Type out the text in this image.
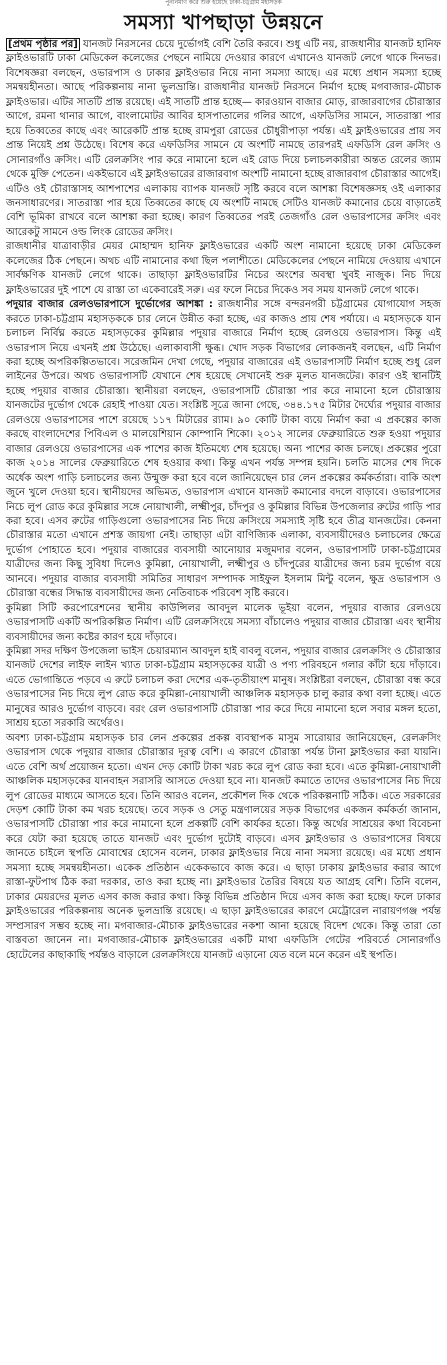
পুনর্নির্মাণ করে শুরু হয়েছে ঢাকা-চট্টগ্রাম মহাসড়ক
সমস্যা খাপছাড়া উন্নয়নে

[প্রথম পৃষ্ঠার পর] যানজট নিরসনের চেয়ে দুর্ভোগই বেশি তৈরি করবে। শুধু এটি নয়, রাজধানীর যানজট হানিফ ফ্লাইওভারটি ঢাকা মেডিকেল কলেজের পেছনে নামিয়ে দেওয়ার কারণে এখানেও যানজট লেগে থাকে দিনভর। বিশেষজ্ঞরা বলছেন, ওভারপাস ও ঢাকার ফ্লাইওভার নিয়ে নানা সমস্যা আছে। এর মধ্যে প্রধান সমস্যা হচ্ছে সমন্বয়হীনতা। আছে পরিকল্পনায় নানা ভুলভ্রান্তি। রাজধানীর যানজট নিরসনে নির্মাণ হচ্ছে মগবাজার-মৌচাক ফ্লাইওভার। এটির সাতটি প্রান্ত রয়েছে। এই সাতটি প্রান্ত হচ্ছে— কারওয়ান বাজার মোড়, রাজারবাগের চৌরাস্তার আগে, রমনা থানার আগে, বাংলামোটর আবির হাসপাতালের গলির আগে, এফডিসির সামনে, সাতরাস্তা পার হয়ে তিব্বতের কাছে এবং আরেকটি প্রান্ত হচ্ছে রামপুরা রোডের চৌধুরীপাড়া পর্যন্ত। এই ফ্লাইওভারের প্রায় সব প্রান্ত নিয়েই প্রশ্ন উঠেছে। বিশেষ করে এফডিসির সামনে যে অংশটি নামছে তারপরই এফডিসি রেল ক্রসিং ও সোনারগাঁও ক্রসিং। এটি রেলক্রসিং পার করে নামানো হলে এই রোড দিয়ে চলাচলকারীরা অন্তত রেলের জ্যাম থেকে মুক্তি পেতেন। একইভাবে এই ফ্লাইওভারের রাজারবাগ অংশটি নামানো হচ্ছে রাজারবাগ চৌরাস্তার আগেই। এটিও ওই চৌরাস্তাসহ আশপাশের এলাকায় ব্যাপক যানজট সৃষ্টি করবে বলে আশঙ্কা বিশেষজ্ঞসহ ওই এলাকার জনসাধারণের। সাতরাস্তা পার হয়ে তিব্বতের কাছে যে অংশটি নামছে সেটিও যানজট কমানোর চেয়ে বাড়াতেই বেশি ভূমিকা রাখবে বলে আশঙ্কা করা হচ্ছে। কারণ তিব্বতের পরই তেজগাঁও রেল ওভারপাসের ক্রসিং এবং আরেকটু সামনে ওল্ড লিংক রোডের ক্রসিং।

রাজধানীর যাত্রাবাড়ীর মেয়র মোহাম্মদ হানিফ ফ্লাইওভারের একটি অংশ নামানো হয়েছে ঢাকা মেডিকেল কলেজের ঠিক পেছনে। অথচ এটি নামানোর কথা ছিল পলাশীতে। মেডিকেলের পেছনে নামিয়ে দেওয়ায় এখানে সার্বক্ষণিক যানজট লেগে থাকে। তাছাড়া ফ্লাইওভারটির নিচের অংশের অবস্থা খুবই নাজুক। নিচ দিয়ে ফ্লাইওভারের দুই পাশে যে রাস্তা তা একেবারেই সরু। এর ফলে নিচের দিকেও সব সময় যানজট লেগে থাকে।

পদুয়ার বাজার রেলওভারপাসে দুর্ভোগের আশঙ্কা : রাজধানীর সঙ্গে বন্দরনগরী চট্টগ্রামের যোগাযোগ সহজ করতে ঢাকা-চট্টগ্রাম মহাসড়ককে চার লেনে উন্নীত করা হচ্ছে, এর কাজও প্রায় শেষ পর্যায়ে। এ মহাসড়কে যান চলাচল নির্বিঘ্ন করতে মহাসড়কের কুমিল্লার পদুয়ার বাজারে নির্মাণ হচ্ছে রেলওয়ে ওভারপাস। কিন্তু এই ওভারপাস নিয়ে এখনই প্রশ্ন উঠেছে। এলাকাবাসী ক্ষুব্ধ। খোদ সড়ক বিভাগের লোকজনই বলছেন, এটি নির্মাণ করা হচ্ছে অপরিকল্পিতভাবে। সরেজমিন দেখা গেছে, পদুয়ার বাজারের এই ওভারপাসটি নির্মাণ হচ্ছে শুধু রেল লাইনের উপরে। অথচ ওভারপাসটি যেখানে শেষ হয়েছে সেখানেই শুরু মূলত যানজটের। কারণ ওই স্থানটিই হচ্ছে পদুয়ার বাজার চৌরাস্তা। স্থানীয়রা বলছেন, ওভারপাসটি চৌরাস্তা পার করে নামানো হলে চৌরাস্তায় যানজটের দুর্ভোগ থেকে রেহাই পাওয়া যেত। সংশ্লিষ্ট সূত্রে জানা গেছে, ৩৪৪.১৭৫ মিটার দৈর্ঘ্যের পদুয়ার বাজার রেলওয়ে ওভারপাসের পাশে রয়েছে ১১৭ মিটারের র‌্যাম। ৯০ কোটি টাকা ব্যয়ে নির্মাণ করা এ প্রকল্পের কাজ করছে বাংলাদেশের পিবিএল ও মালয়েশিয়ান কোম্পানি শিকো। ২০১২ সালের ফেব্রুয়ারিতে শুরু হওয়া পদুয়ার বাজার রেলওয়ে ওভারপাসের এক পাশের কাজ ইতিমধ্যে শেষ হয়েছে। অন্য পাশের কাজ চলছে। প্রকল্পের পুরো কাজ ২০১৪ সালের ফেব্রুয়ারিতে শেষ হওয়ার কথা। কিন্তু এখন পর্যন্ত সম্পন্ন হয়নি। চলতি মাসের শেষ দিকে অর্ধেক অংশ গাড়ি চলাচলের জন্য উন্মুক্ত করা হবে বলে জানিয়েছেন চার লেন প্রকল্পের কর্মকর্তারা। বাকি অংশ জুনে খুলে দেওয়া হবে। স্থানীয়দের অভিমত, ওভারপাস এখানে যানজট কমানোর বদলে বাড়াবে। ওভারপাসের নিচে লুপ রোড করে কুমিল্লার সঙ্গে নোয়াখালী, লক্ষ্মীপুর, চাঁদপুর ও কুমিল্লার বিভিন্ন উপজেলার রুটের গাড়ি পার করা হবে। এসব রুটের গাড়িগুলো ওভারপাসের নিচ দিয়ে ক্রসিংয়ে সমস্যাই সৃষ্টি হবে তীব্র যানজটের। কেননা চৌরাস্তার মতো এখানে প্রশস্ত জায়গা নেই। তাছাড়া এটা বাণিজ্যিক এলাকা, ব্যবসায়ীদেরও চলাচলের ক্ষেত্রে দুর্ভোগ পোহাতে হবে। পদুয়ার বাজারের ব্যবসায়ী আনোয়ার মজুমদার বলেন, ওভারপাসটি ঢাকা-চট্টগ্রামের যাত্রীদের জন্য কিছু সুবিধা দিলেও কুমিল্লা, নোয়াখালী, লক্ষ্মীপুর ও চাঁদপুরের যাত্রীদের জন্য চরম দুর্ভোগ বয়ে আনবে। পদুয়ার বাজার ব্যবসায়ী সমিতির সাধারণ সম্পাদক সাইফুল ইসলাম মিন্টু বলেন, ক্ষুদ্র ওভারপাস ও চৌরাস্তা বন্ধের সিদ্ধান্ত ব্যবসায়ীদের জন্য নেতিবাচক পরিবেশ সৃষ্টি করবে।

কুমিল্লা সিটি করপোরেশনের স্থানীয় কাউন্সিলর আবদুল মালেক ভূইয়া বলেন, পদুয়ার বাজার রেলওয়ে ওভারপাসটি একটি অপরিকল্পিত নির্মাণ। এটি রেলক্রসিংয়ে সমস্যা বাঁচালেও পদুয়ার বাজার চৌরাস্তা এবং স্থানীয় ব্যবসায়ীদের জন্য কষ্টের কারণ হয়ে দাঁড়াবে।

কুমিল্লা সদর দক্ষিণ উপজেলা ভাইস চেয়ারম্যান আবদুল হাই বাবলু বলেন, পদুয়ার বাজার রেলক্রসিং ও চৌরাস্তার যানজট দেশের লাইফ লাইন খ্যাত ঢাকা-চট্টগ্রাম মহাসড়কের যাত্রী ও পণ্য পরিবহনে গলার কাঁটা হয়ে দাঁড়াবে। এতে ভোগান্তিতে পড়বে এ রুটে চলাচল করা দেশের এক-তৃতীয়াংশ মানুষ। সংশ্লিষ্টরা বলছেন, চৌরাস্তা বন্ধ করে ওভারপাসের নিচ দিয়ে লুপ রোড করে কুমিল্লা-নোয়াখালী আঞ্চলিক মহাসড়ক চালু করার কথা বলা হচ্ছে। এতে মানুষের আরও দুর্ভোগ বাড়বে। বরং রেল ওভারপাসটি চৌরাস্তা পার করে দিয়ে নামানো হলে সবার মঙ্গল হতো, সাশ্রয় হতো সরকারি অর্থেরও।

অবশ্য ঢাকা-চট্টগ্রাম মহাসড়ক চার লেন প্রকল্পের প্রকল্প ব্যবস্থাপক মাসুম সারোয়ার জানিয়েছেন, রেলক্রসিং ওভারপাস থেকে পদুয়ার বাজার চৌরাস্তার দূরত্ব বেশি। এ কারণে চৌরাস্তা পর্যন্ত টানা ফ্লাইওভার করা যায়নি। এতে বেশি অর্থ প্রয়োজন হতো। এখন দেড় কোটি টাকা খরচ করে লুপ রোড করা হবে। এতে কুমিল্লা-নোয়াখালী আঞ্চলিক মহাসড়কের যানবাহন সরাসরি আসতে দেওয়া হবে না। যানজট কমাতে তাদের ওভারপাসের নিচ দিয়ে লুপ রোডের মাধ্যমে আসতে হবে। তিনি আরও বলেন, প্রকৌশল দিক থেকে পরিকল্পনাটি সঠিক। এতে সরকারের দেড়শ কোটি টাকা কম খরচ হয়েছে। তবে সড়ক ও সেতু মন্ত্রণালয়ের সড়ক বিভাগের একজন কর্মকর্তা জানান, ওভারপাসটি চৌরাস্তা পার করে নামানো হলে প্রকল্পটি বেশি কার্যকর হতো। কিন্তু অর্থের সাশ্রয়ের কথা বিবেচনা করে যেটা করা হয়েছে তাতে যানজট এবং দুর্ভোগ দুটোই বাড়বে। এসব ফ্লাইওভার ও ওভারপাসের বিষয়ে জানতে চাইলে স্থপতি মোবাশ্বের হোসেন বলেন, ঢাকার ফ্লাইওভার নিয়ে নানা সমস্যা রয়েছে। এর মধ্যে প্রধান সমস্যা হচ্ছে সমন্বয়হীনতা। একেক প্রতিষ্ঠান একেকভাবে কাজ করে। এ ছাড়া ঢাকায় ফ্লাইওভার করার আগে রাস্তা-ফুটপাথ ঠিক করা দরকার, তাও করা হচ্ছে না। ফ্লাইওভার তৈরির বিষয়ে যত আগ্রহ বেশি। তিনি বলেন, ঢাকার মেয়রদের মূলত এসব কাজ করার কথা। কিন্তু বিভিন্ন প্রতিষ্ঠান দিয়ে এসব কাজ করা হচ্ছে। ফলে ঢাকার ফ্লাইওভারের পরিকল্পনায় অনেক ভুলভ্রান্তি রয়েছে। এ ছাড়া ফ্লাইওভারের কারণে মেট্রোরেল নারায়ণগঞ্জ পর্যন্ত সম্প্রসারণ সম্ভব হচ্ছে না। মগবাজার-মৌচাক ফ্লাইওভারের নকশা আনা হয়েছে বিদেশ থেকে। কিন্তু তারা তো বাস্তবতা জানেন না। মগবাজার-মৌচাক ফ্লাইওভারের একটি মাথা এফডিসি গেটের পরিবর্তে সোনারগাঁও হোটেলের কাছাকাছি পর্যন্তও বাড়ালে রেলক্রসিংয়ে যানজট এড়ানো যেত বলে মনে করেন এই স্থপতি।
